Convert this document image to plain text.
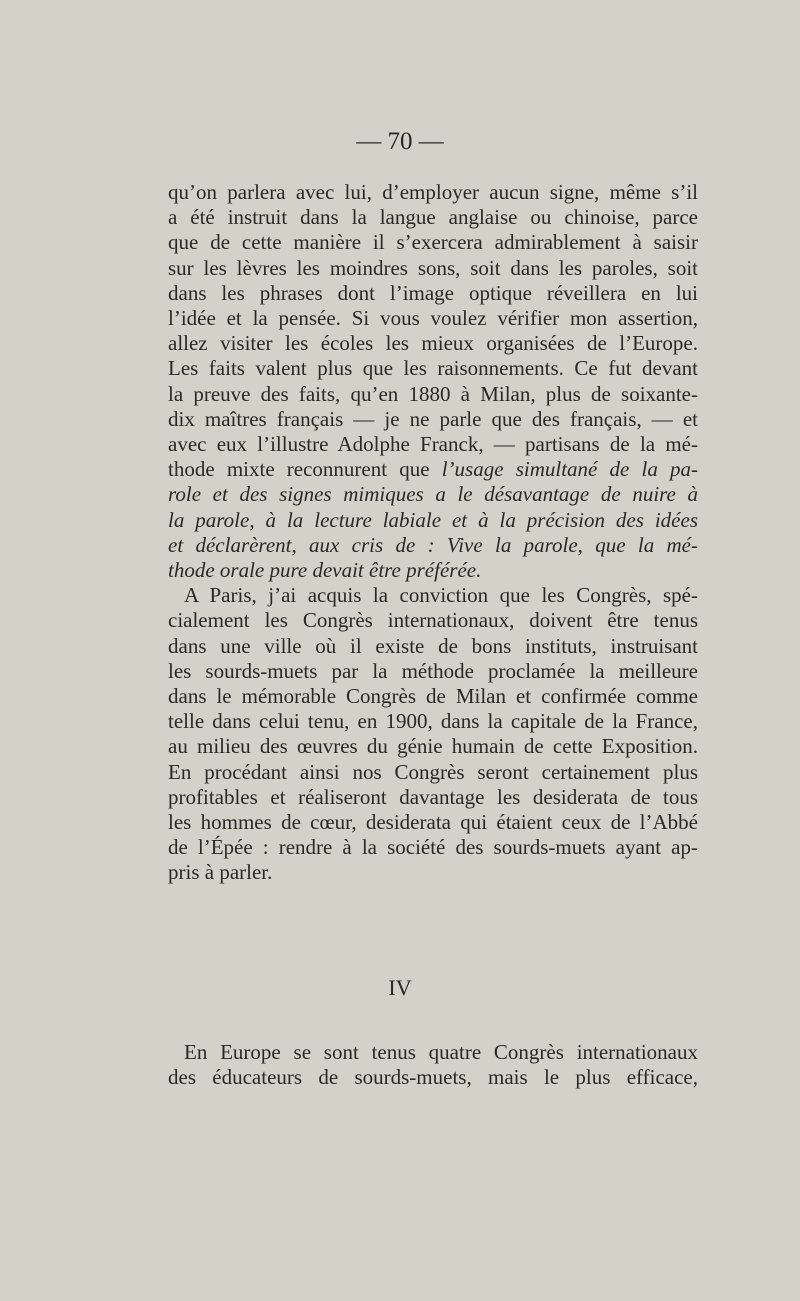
— 70 —

qu’on parlera avec lui, d’employer aucun signe, même s’il
a été instruit dans la langue anglaise ou chinoise, parce
que de cette manière il s’exercera admirablement à saisir
sur les lèvres les moindres sons, soit dans les paroles, soit
dans les phrases dont l’image optique réveillera en lui
l’idée et la pensée. Si vous voulez vérifier mon assertion,
allez visiter les écoles les mieux organisées de l’Europe.
Les faits valent plus que les raisonnements. Ce fut devant
la preuve des faits, qu’en 1880 à Milan, plus de soixante-
dix maîtres français — je ne parle que des français, — et
avec eux l’illustre Adolphe Franck, — partisans de la mé-
thode mixte reconnurent que l’usage simultané de la pa-
role et des signes mimiques a le désavantage de nuire à
la parole, à la lecture labiale et à la précision des idées
et déclarèrent, aux cris de : Vive la parole, que la mé-
thode orale pure devait être préférée.

A Paris, j’ai acquis la conviction que les Congrès, spé-
cialement les Congrès internationaux, doivent être tenus
dans une ville où il existe de bons instituts, instruisant
les sourds-muets par la méthode proclamée la meilleure
dans le mémorable Congrès de Milan et confirmée comme
telle dans celui tenu, en 1900, dans la capitale de la France,
au milieu des œuvres du génie humain de cette Exposition.
En procédant ainsi nos Congrès seront certainement plus
profitables et réaliseront davantage les desiderata de tous
les hommes de cœur, desiderata qui étaient ceux de l’Abbé
de l’Épée : rendre à la société des sourds-muets ayant ap-
pris à parler.

IV

En Europe se sont tenus quatre Congrès internationaux
des éducateurs de sourds-muets, mais le plus efficace,
